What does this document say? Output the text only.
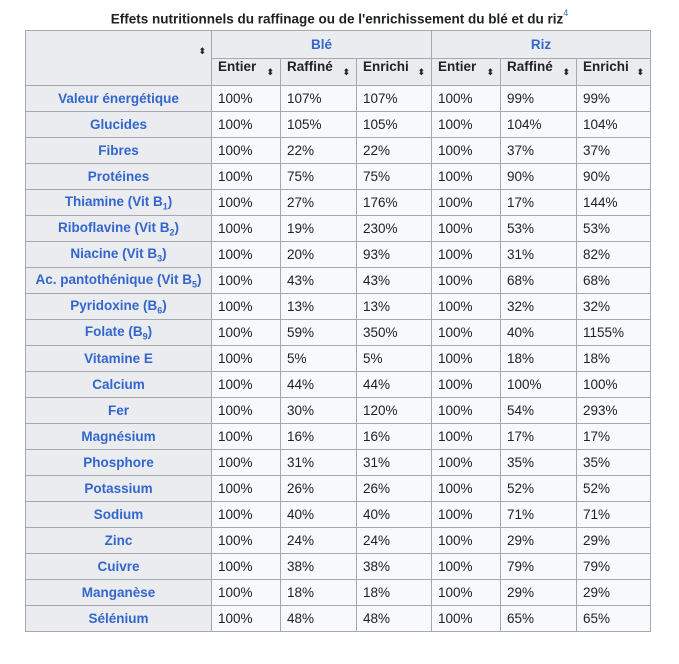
Effets nutritionnels du raffinage ou de l'enrichissement du blé et du riz$^4$
⬍	Blé			Riz		
	Entier ⬍	Raffiné ⬍	Enrichi ⬍	Entier ⬍	Raffiné ⬍	Enrichi ⬍

Valeur énergétique	100%	107%	107%	100%	99%	99%
Glucides	100%	105%	105%	100%	104%	104%
Fibres	100%	22%	22%	100%	37%	37%
Protéines	100%	75%	75%	100%	90%	90%
Thiamine (Vit $B_1$)	100%	27%	176%	100%	17%	144%
Riboflavine (Vit $B_2$)	100%	19%	230%	100%	53%	53%
Niacine (Vit $B_3$)	100%	20%	93%	100%	31%	82%
Ac. pantothénique (Vit $B_5$)	100%	43%	43%	100%	68%	68%
Pyridoxine $(B_6)$	100%	13%	13%	100%	32%	32%
Folate $(B_9)$	100%	59%	350%	100%	40%	1155%
Vitamine E	100%	5%	5%	100%	18%	18%
Calcium	100%	44%	44%	100%	100%	100%
Fer	100%	30%	120%	100%	54%	293%
Magnésium	100%	16%	16%	100%	17%	17%
Phosphore	100%	31%	31%	100%	35%	35%
Potassium	100%	26%	26%	100%	52%	52%
Sodium	100%	40%	40%	100%	71%	71%
Zinc	100%	24%	24%	100%	29%	29%
Cuivre	100%	38%	38%	100%	79%	79%
Manganèse	100%	18%	18%	100%	29%	29%
Sélénium	100%	48%	48%	100%	65%	65%
